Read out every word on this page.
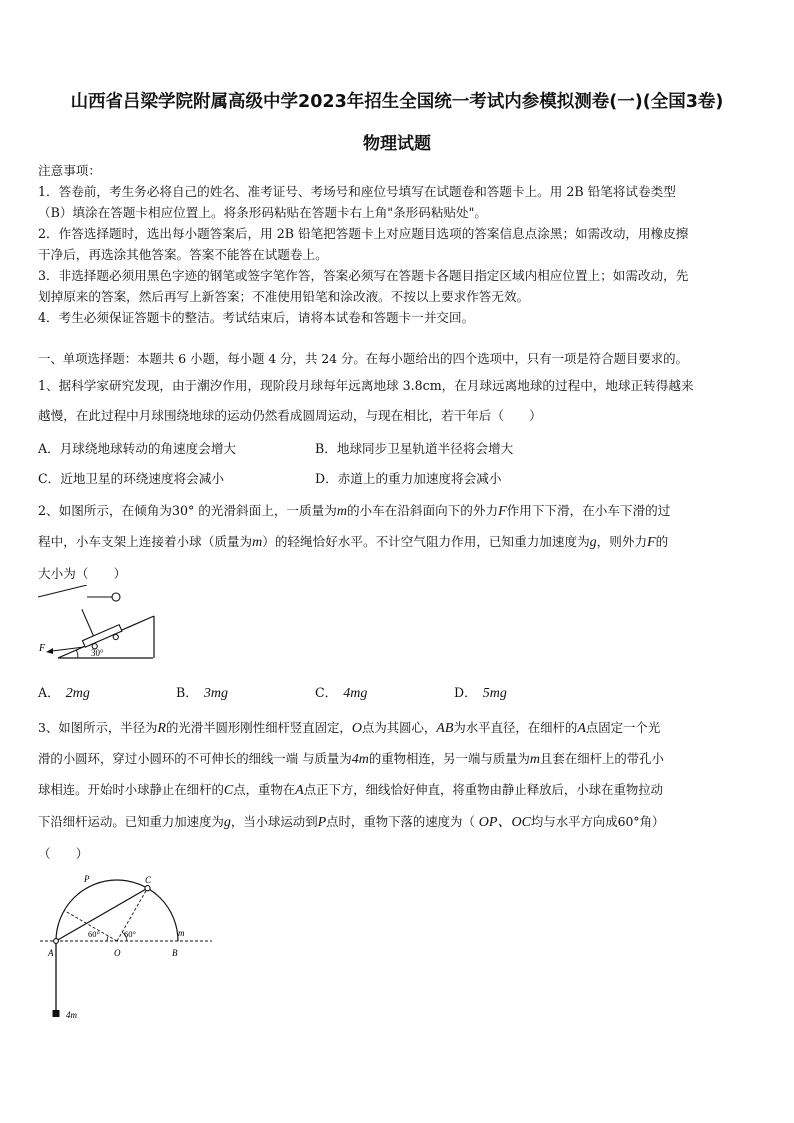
山西省吕梁学院附属高级中学2023年招生全国统一考试内参模拟测卷(一)(全国3卷)
物理试题
注意事项：
1．答卷前，考生务必将自己的姓名、准考证号、考场号和座位号填写在试题卷和答题卡上。用 2B 铅笔将试卷类型
（B）填涂在答题卡相应位置上。将条形码粘贴在答题卡右上角"条形码粘贴处"。
2．作答选择题时，选出每小题答案后，用 2B 铅笔把答题卡上对应题目选项的答案信息点涂黑；如需改动，用橡皮擦
干净后，再选涂其他答案。答案不能答在试题卷上。
3．非选择题必须用黑色字迹的钢笔或签字笔作答，答案必须写在答题卡各题目指定区域内相应位置上；如需改动，先
划掉原来的答案，然后再写上新答案；不准使用铅笔和涂改液。不按以上要求作答无效。
4．考生必须保证答题卡的整洁。考试结束后，请将本试卷和答题卡一并交回。
一、单项选择题：本题共 6 小题，每小题 4 分，共 24 分。在每小题给出的四个选项中，只有一项是符合题目要求的。
1、据科学家研究发现，由于潮汐作用，现阶段月球每年远离地球 3.8cm，在月球远离地球的过程中，地球正转得越来
越慢，在此过程中月球围绕地球的运动仍然看成圆周运动，与现在相比，若干年后（　　）
A．月球绕地球转动的角速度会增大	B．地球同步卫星轨道半径将会增大
C．近地卫星的环绕速度将会减小	D．赤道上的重力加速度将会减小
2、如图所示，在倾角为30° 的光滑斜面上，一质量为m的小车在沿斜面向下的外力F作用下下滑，在小车下滑的过
程中，小车支架上连接着小球（质量为m）的轻绳恰好水平。不计空气阻力作用，已知重力加速度为g，则外力F的
大小为（　　）
F	30°
A． 2mg	B． 3mg	C． 4mg	D． 5mg
3、如图所示，半径为R的光滑半圆形刚性细杆竖直固定，O点为其圆心，AB为水平直径，在细杆的A点固定一个光
滑的小圆环，穿过小圆环的不可伸长的细线一端 与质量为4m的重物相连，另一端与质量为m且套在细杆上的带孔小
球相连。开始时小球静止在细杆的C点，重物在A点正下方，细线恰好伸直，将重物由静止释放后，小球在重物拉动
下沿细杆运动。已知重力加速度为g，当小球运动到P点时，重物下落的速度为（ OP、OC均与水平方向成60°角）
（　　）
P	C
A	O	B
m
4m
60°	60°
